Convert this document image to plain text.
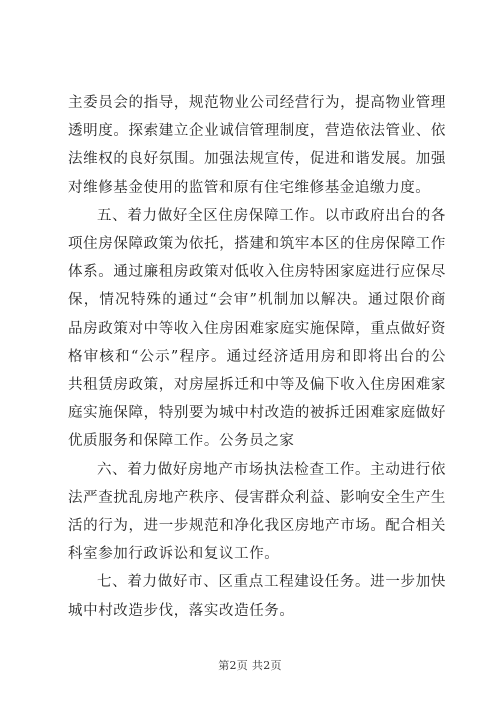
主委员会的指导，规范物业公司经营行为，提高物业管理透明度。探索建立企业诚信管理制度，营造依法管业、依法维权的良好氛围。加强法规宣传，促进和谐发展。加强对维修基金使用的监管和原有住宅维修基金追缴力度。

五、着力做好全区住房保障工作。以市政府出台的各项住房保障政策为依托，搭建和筑牢本区的住房保障工作体系。通过廉租房政策对低收入住房特困家庭进行应保尽保，情况特殊的通过“会审”机制加以解决。通过限价商品房政策对中等收入住房困难家庭实施保障，重点做好资格审核和“公示”程序。通过经济适用房和即将出台的公共租赁房政策，对房屋拆迁和中等及偏下收入住房困难家庭实施保障，特别要为城中村改造的被拆迁困难家庭做好优质服务和保障工作。公务员之家

六、着力做好房地产市场执法检查工作。主动进行依法严查扰乱房地产秩序、侵害群众利益、影响安全生产生活的行为，进一步规范和净化我区房地产市场。配合相关科室参加行政诉讼和复议工作。

七、着力做好市、区重点工程建设任务。进一步加快城中村改造步伐，落实改造任务。

第2页 共2页
